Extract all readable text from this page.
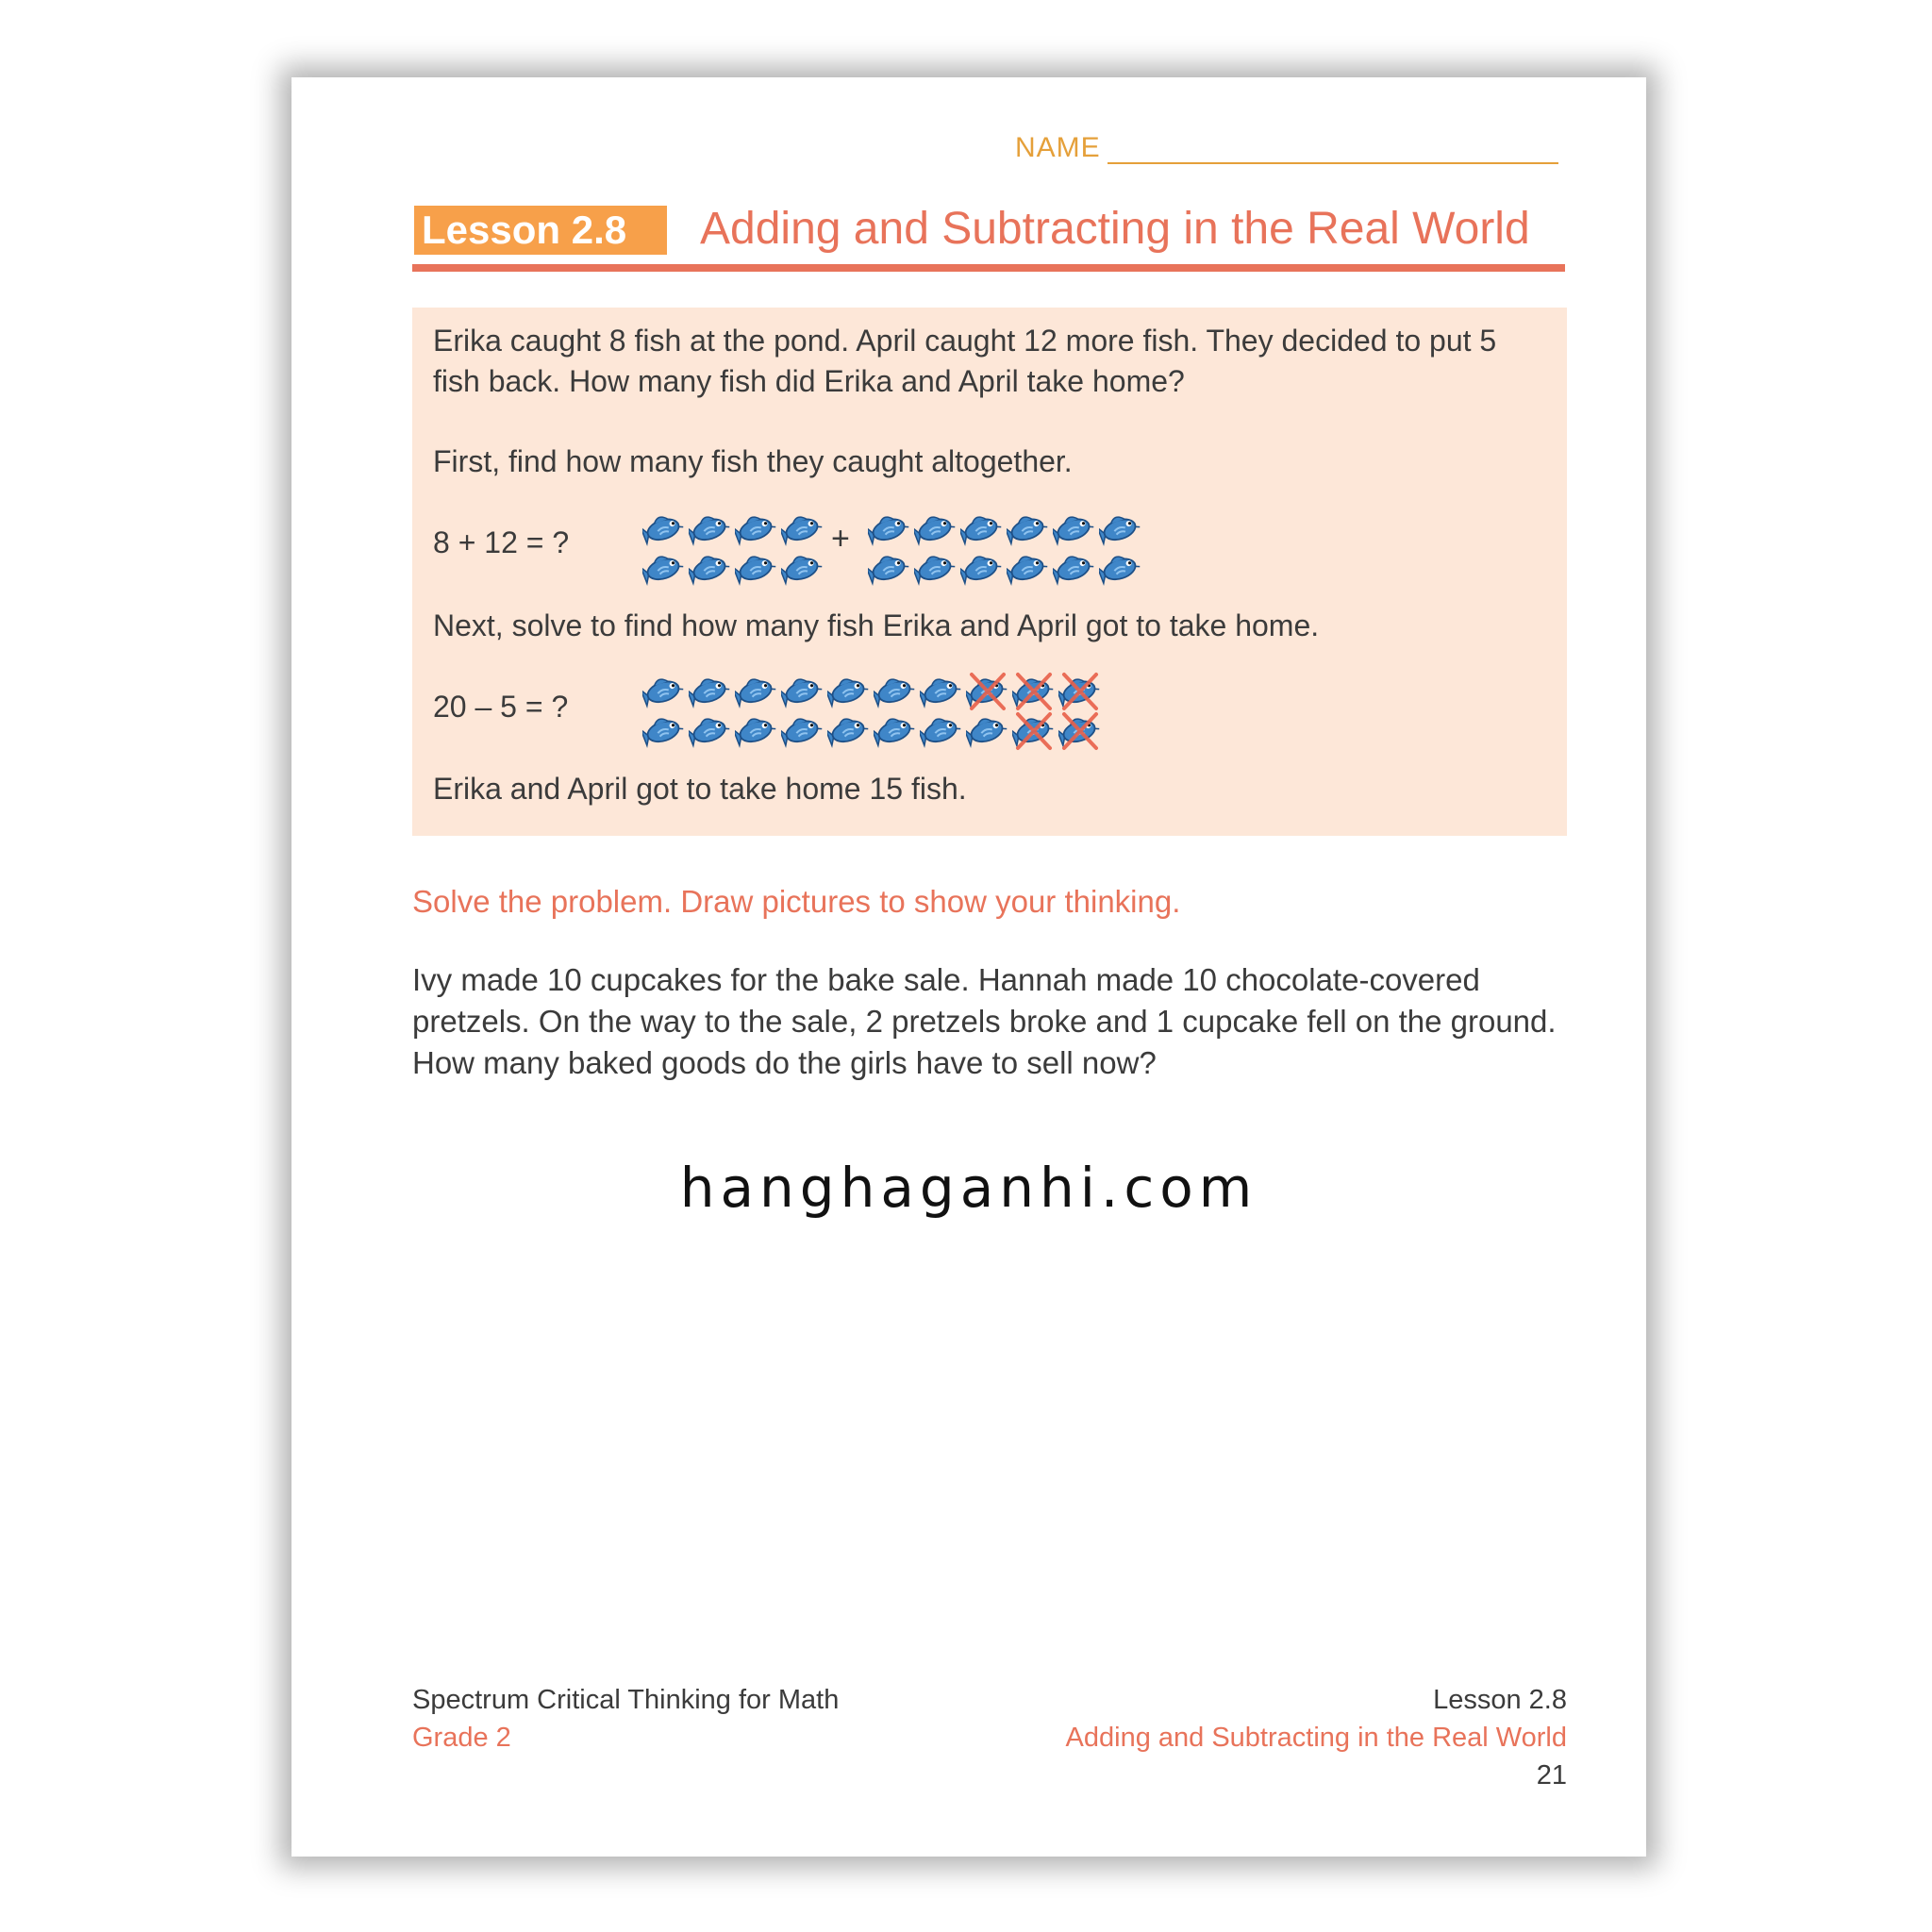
NAME
Lesson 2.8	Adding and Subtracting in the Real World
Erika caught 8 fish at the pond. April caught 12 more fish. They decided to put 5
fish back. How many fish did Erika and April take home?
First, find how many fish they caught altogether.
8 + 12 = ?	+
Next, solve to find how many fish Erika and April got to take home.
20 – 5 = ?
Erika and April got to take home 15 fish.
Solve the problem. Draw pictures to show your thinking.
Ivy made 10 cupcakes for the bake sale. Hannah made 10 chocolate-covered
pretzels. On the way to the sale, 2 pretzels broke and 1 cupcake fell on the ground.
How many baked goods do the girls have to sell now?
hanghaganhi.com
Spectrum Critical Thinking for Math
Grade 2
Lesson 2.8
Adding and Subtracting in the Real World
21
